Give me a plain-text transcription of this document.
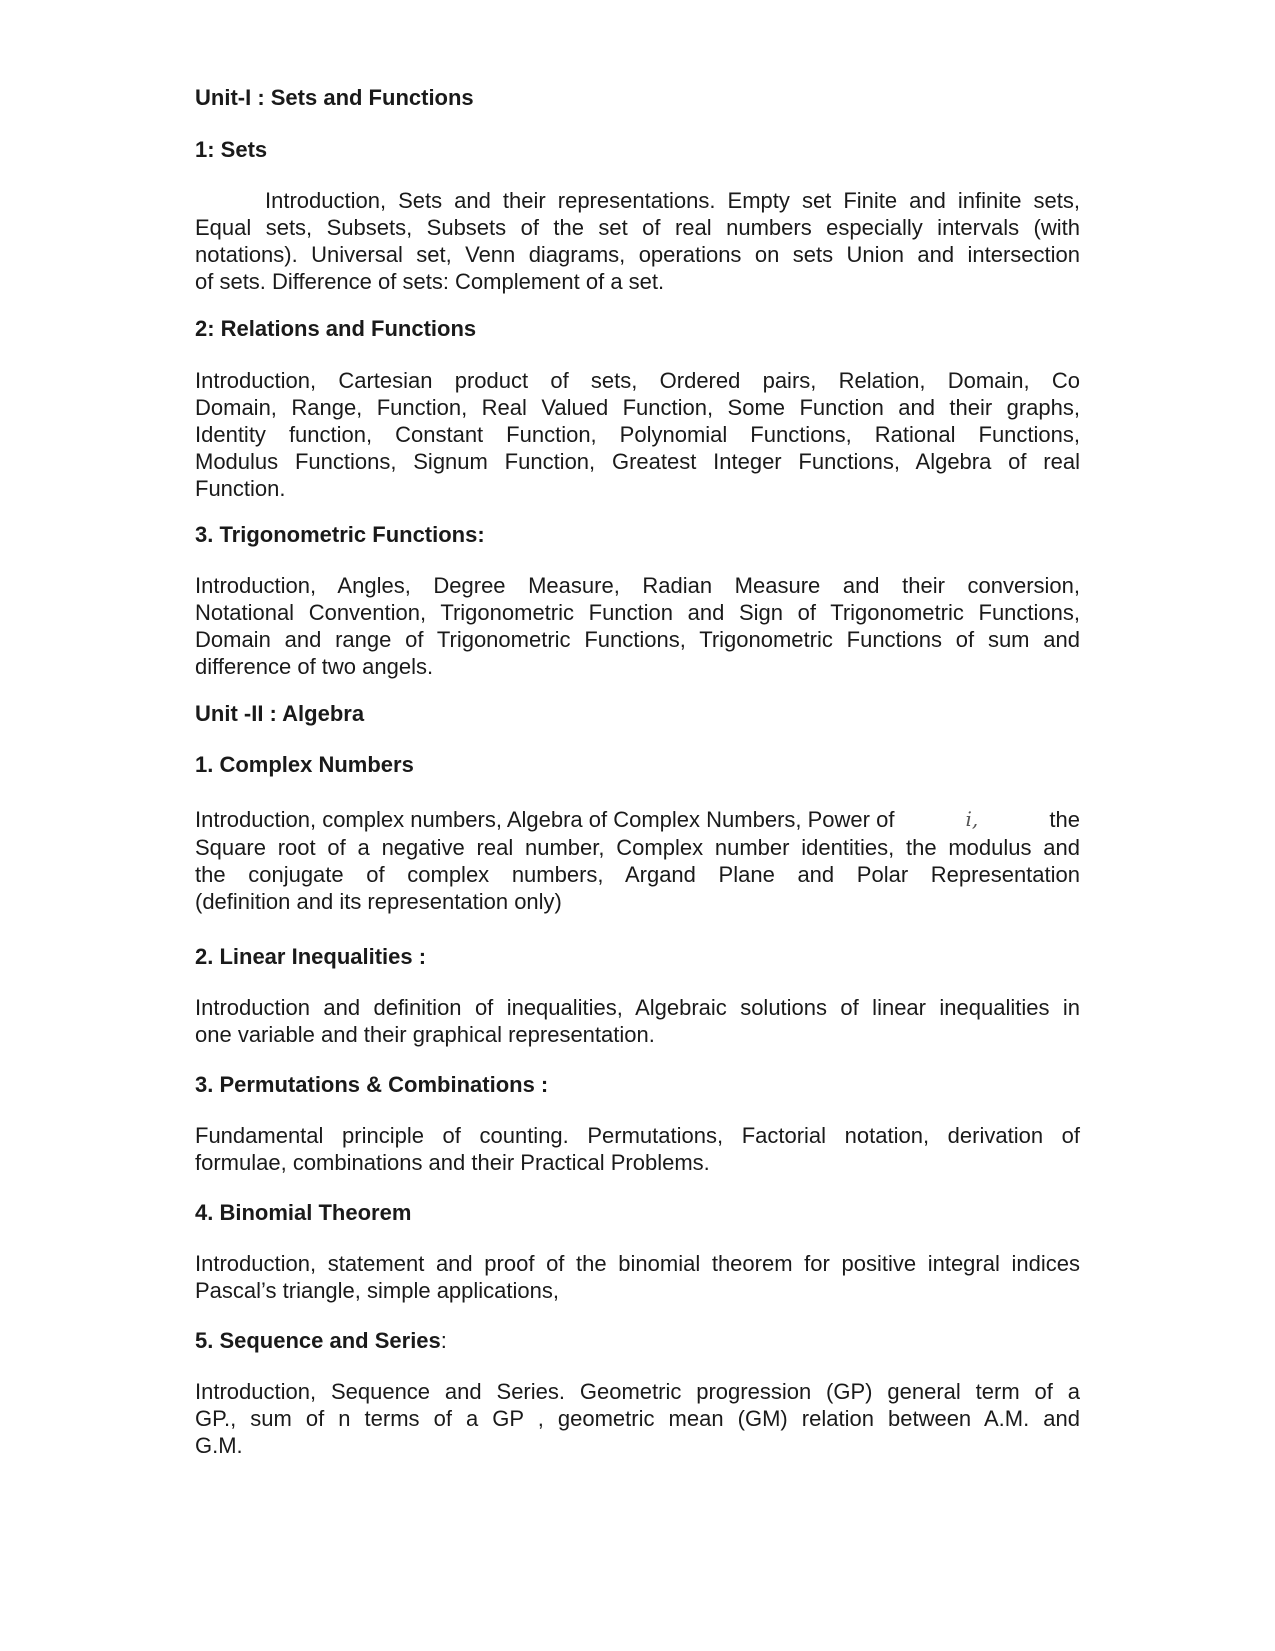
Unit-I : Sets and Functions
1: Sets
Introduction, Sets and their representations. Empty set Finite and infinite sets,
Equal sets, Subsets, Subsets of the set of real numbers especially intervals (with
notations). Universal set, Venn diagrams, operations on sets Union and intersection
of sets. Difference of sets: Complement of a set.
2: Relations and Functions
Introduction, Cartesian product of sets, Ordered pairs, Relation, Domain, Co
Domain, Range, Function, Real Valued Function, Some Function and their graphs,
Identity function, Constant Function, Polynomial Functions, Rational Functions,
Modulus Functions, Signum Function, Greatest Integer Functions, Algebra of real
Function.
3. Trigonometric Functions:
Introduction, Angles, Degree Measure, Radian Measure and their conversion,
Notational Convention, Trigonometric Function and Sign of Trigonometric Functions,
Domain and range of Trigonometric Functions, Trigonometric Functions of sum and
difference of two angels.
Unit -II : Algebra
1. Complex Numbers
Introduction, complex numbers, Algebra of Complex Numbers, Power of	i,	the
Square root of a negative real number, Complex number identities, the modulus and
the conjugate of complex numbers, Argand Plane and Polar Representation
(definition and its representation only)
2. Linear Inequalities :
Introduction and definition of inequalities, Algebraic solutions of linear inequalities in
one variable and their graphical representation.
3. Permutations & Combinations :
Fundamental principle of counting. Permutations, Factorial notation, derivation of
formulae, combinations and their Practical Problems.
4. Binomial Theorem
Introduction, statement and proof of the binomial theorem for positive integral indices
Pascal’s triangle, simple applications,
5. Sequence and Series:
Introduction, Sequence and Series. Geometric progression (GP) general term of a
GP., sum of n terms of a GP , geometric mean (GM) relation between A.M. and
G.M.
